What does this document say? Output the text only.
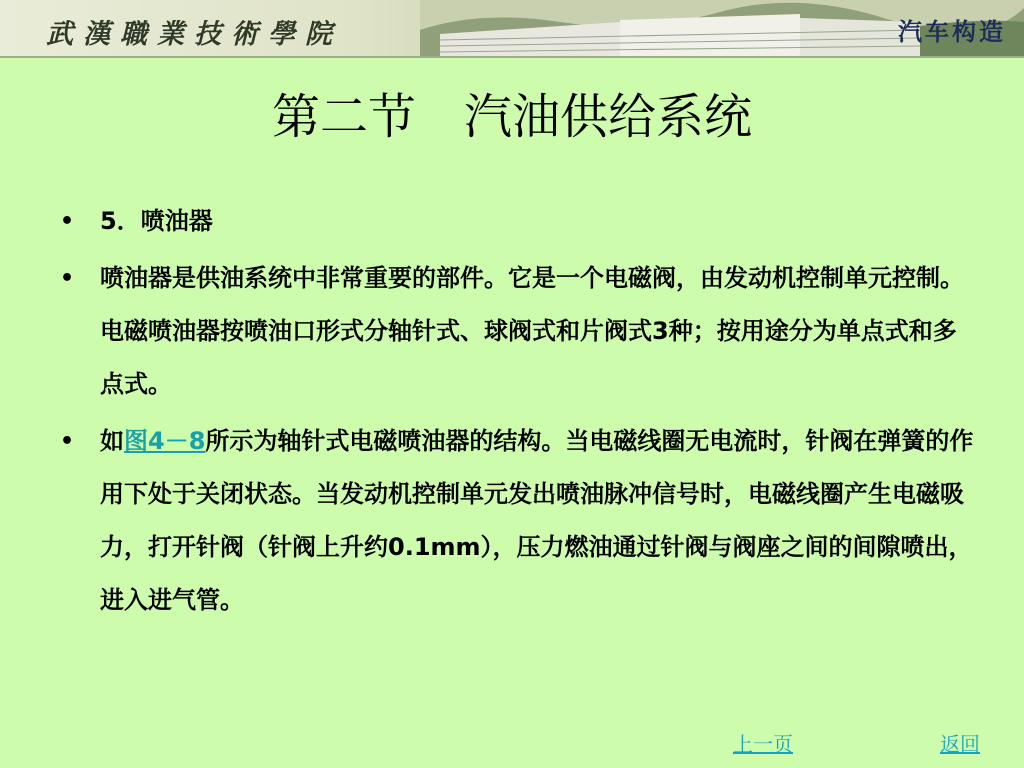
武漢職業技術學院	汽车构造
第二节　汽油供给系统
• 5．喷油器
• 喷油器是供油系统中非常重要的部件。它是一个电磁阀，由发动机控制单元控制。电磁喷油器按喷油口形式分轴针式、球阀式和片阀式3种；按用途分为单点式和多点式。
• 如图4－8所示为轴针式电磁喷油器的结构。当电磁线圈无电流时，针阀在弹簧的作用下处于关闭状态。当发动机控制单元发出喷油脉冲信号时，电磁线圈产生电磁吸力，打开针阀（针阀上升约0.1mm），压力燃油通过针阀与阀座之间的间隙喷出，进入进气管。
上一页	返回
